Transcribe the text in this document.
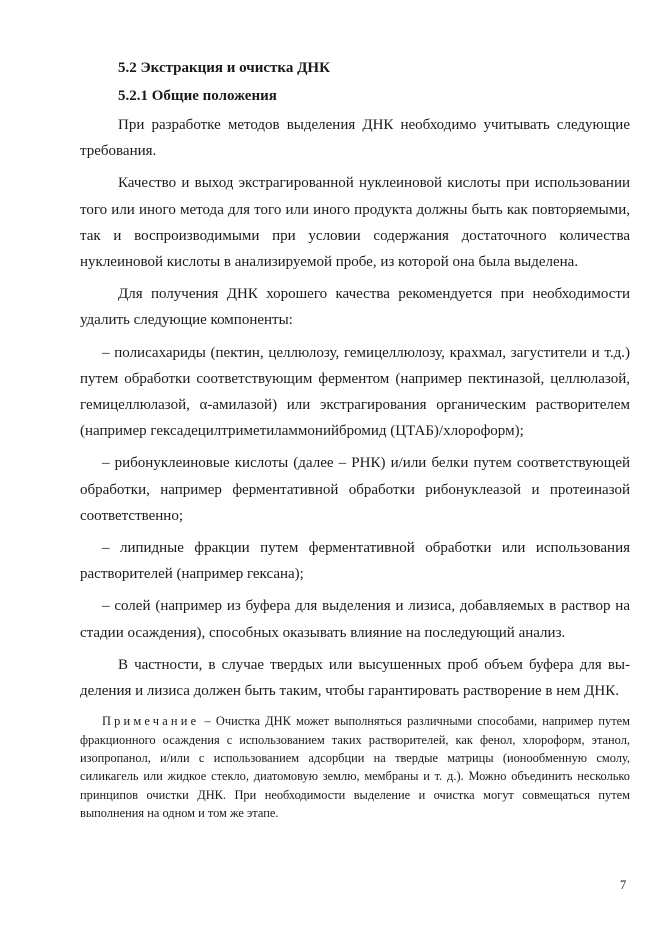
5.2 Экстракция и очистка ДНК
5.2.1 Общие положения

При разработке методов выделения ДНК необходимо учитывать следующие требования.

Качество и выход экстрагированной нуклеиновой кислоты при использовании того или иного метода для того или иного продукта должны быть как повторяемыми, так и воспроизводимыми при условии содержания достаточного количества нуклеиновой кислоты в анализируемой пробе, из которой она была выделена.

Для получения ДНК хорошего качества рекомендуется при необходимости удалить следующие компоненты:

– полисахариды (пектин, целлюлозу, гемицеллюлозу, крахмал, загустители и т.д.) путем обработки соответствующим ферментом (например пектиназой, целлюлазой, гемицеллюлазой, α-амилазой) или экстрагирования органическим растворителем (например гексадецилтриметиламмонийбромид (ЦТАБ)/хлороформ);

– рибонуклеиновые кислоты (далее – РНК) и/или белки путем соответствующей обработки, например ферментативной обработки рибонуклеазой и протеиназой соответственно;

– липидные фракции путем ферментативной обработки или использования растворителей (например гексана);

– солей (например из буфера для выделения и лизиса, добавляемых в раствор на стадии осаждения), способных оказывать влияние на последующий анализ.

В частности, в случае твердых или высушенных проб объем буфера для выделения и лизиса должен быть таким, чтобы гарантировать растворение в нем ДНК.

Примечание – Очистка ДНК может выполняться различными способами, например путем фракционного осаждения с использованием таких растворителей, как фенол, хлороформ, этанол, изопропанол, и/или с использованием адсорбции на твердые матрицы (ионообменную смолу, силикагель или жидкое стекло, диатомовую землю, мембраны и т. д.). Можно объединить несколько принципов очистки ДНК. При необходимости выделение и очистка могут совмещаться путем выполнения на одном и том же этапе.

7
